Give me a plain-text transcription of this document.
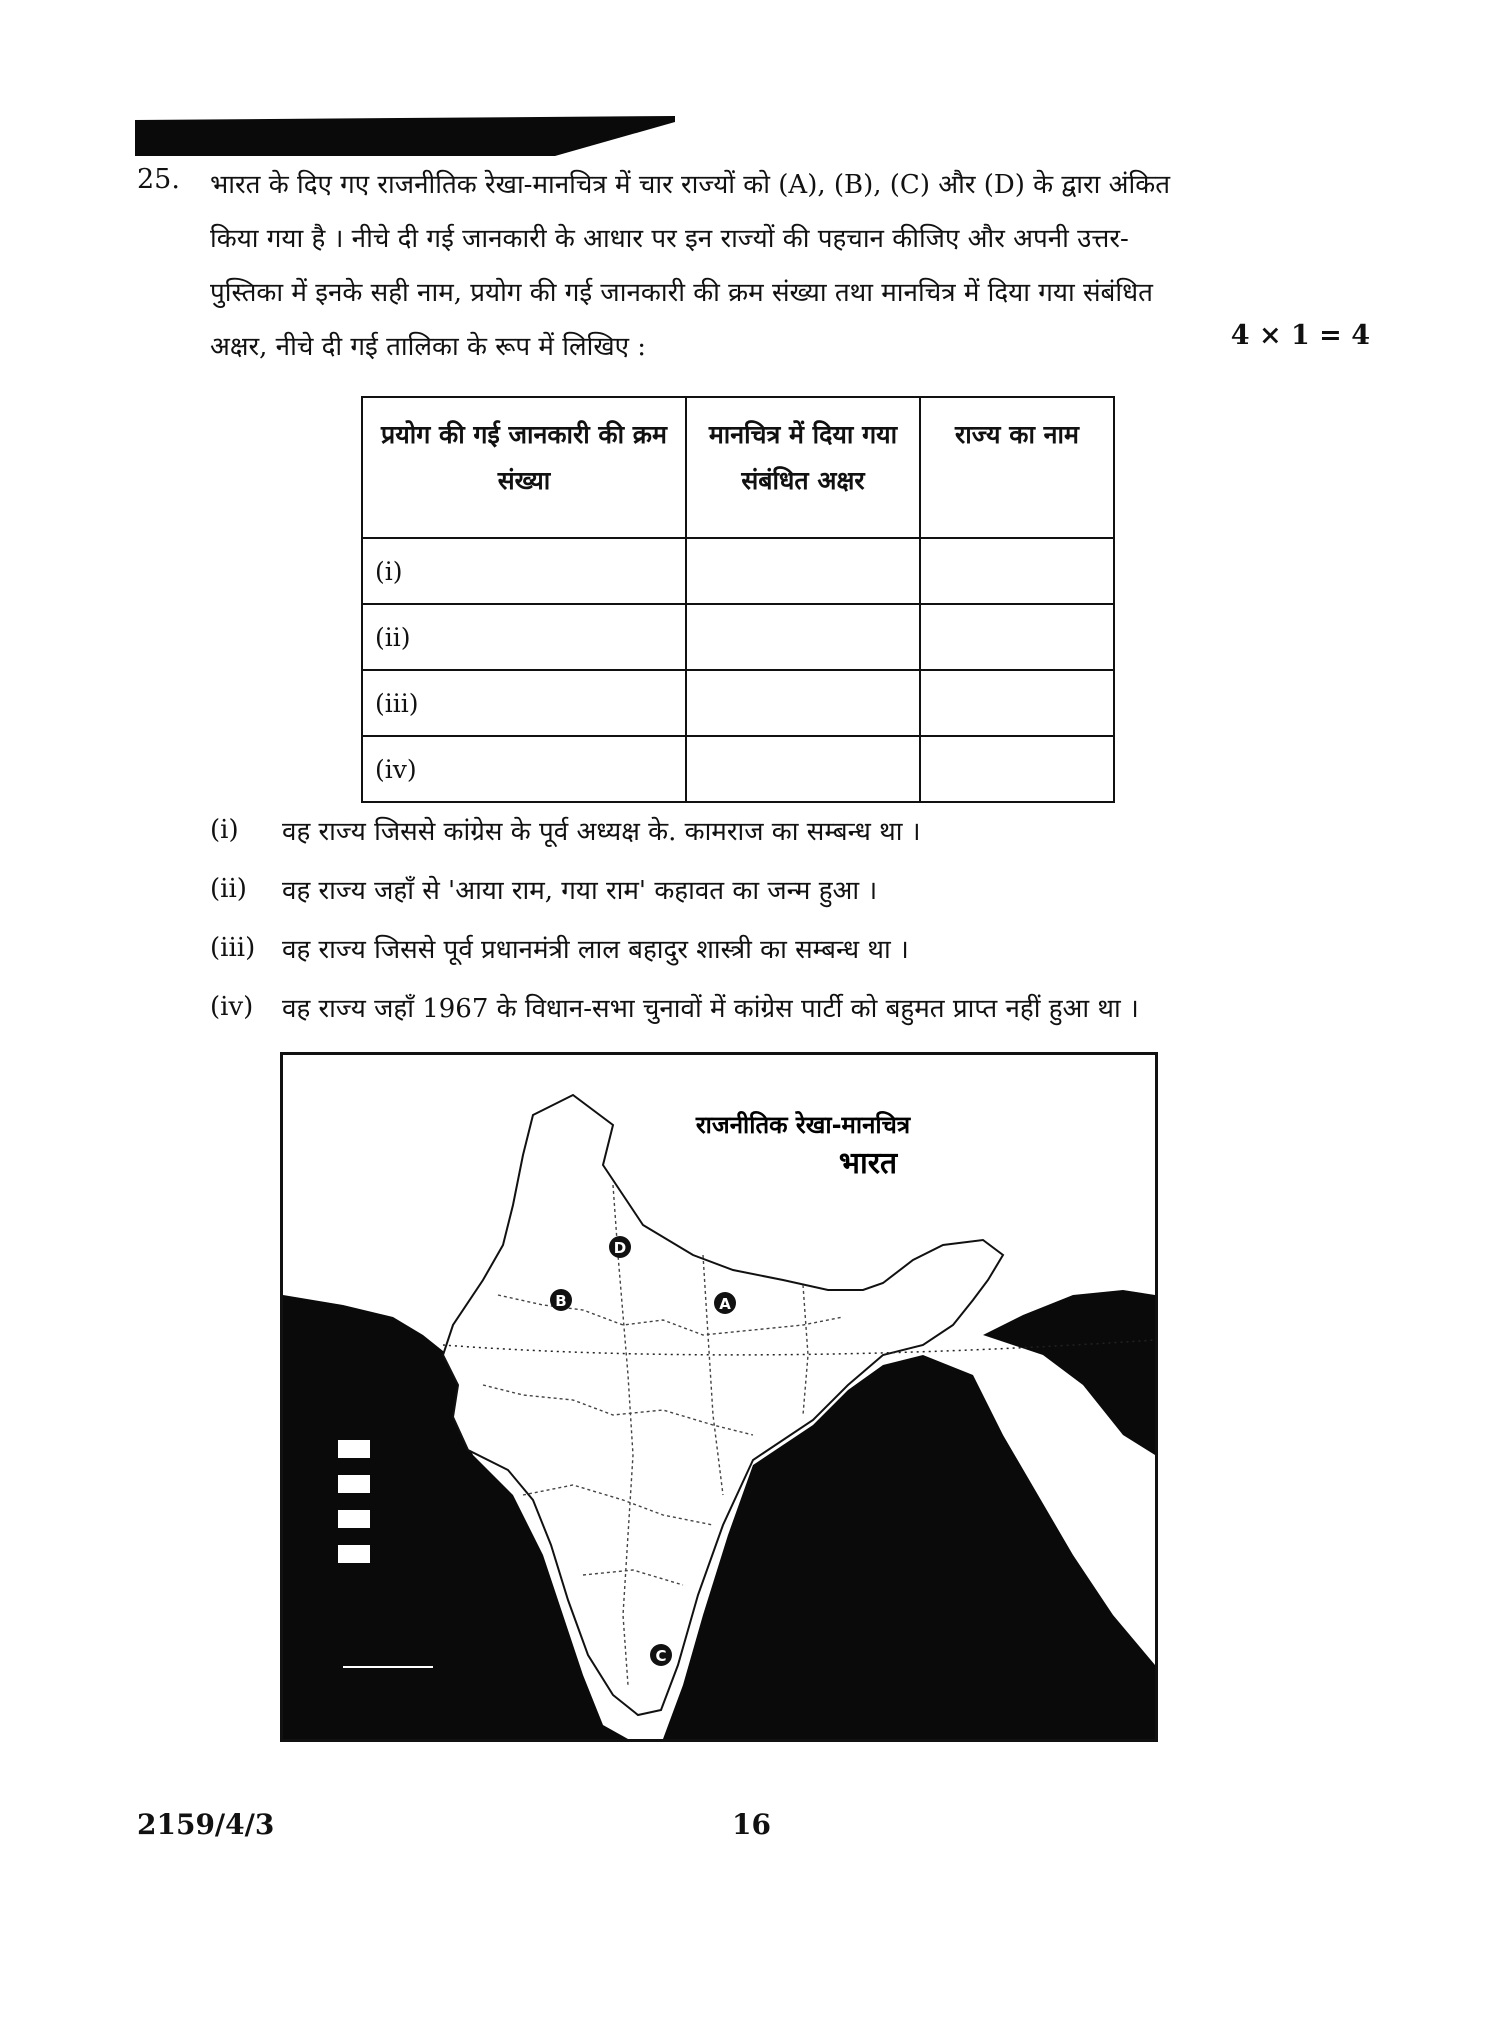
25. भारत के दिए गए राजनीतिक रेखा-मानचित्र में चार राज्यों को (A), (B), (C) और (D) के द्वारा अंकित
किया गया है । नीचे दी गई जानकारी के आधार पर इन राज्यों की पहचान कीजिए और अपनी उत्तर-
पुस्तिका में इनके सही नाम, प्रयोग की गई जानकारी की क्रम संख्या तथा मानचित्र में दिया गया संबंधित
अक्षर, नीचे दी गई तालिका के रूप में लिखिए :	4 × 1 = 4
प्रयोग की गई जानकारी की क्रम संख्या	मानचित्र में दिया गया संबंधित अक्षर	राज्य का नाम
(i)		
(ii)		
(iii)		
(iv)		
(i)	वह राज्य जिससे कांग्रेस के पूर्व अध्यक्ष के. कामराज का सम्बन्ध था ।
(ii)	वह राज्य जहाँ से 'आया राम, गया राम' कहावत का जन्म हुआ ।
(iii)	वह राज्य जिससे पूर्व प्रधानमंत्री लाल बहादुर शास्त्री का सम्बन्ध था ।
(iv)	वह राज्य जहाँ 1967 के विधान-सभा चुनावों में कांग्रेस पार्टी को बहुमत प्राप्त नहीं हुआ था ।
राजनीतिक रेखा-मानचित्र
भारत
A
B
C
D
2159/4/3	16
